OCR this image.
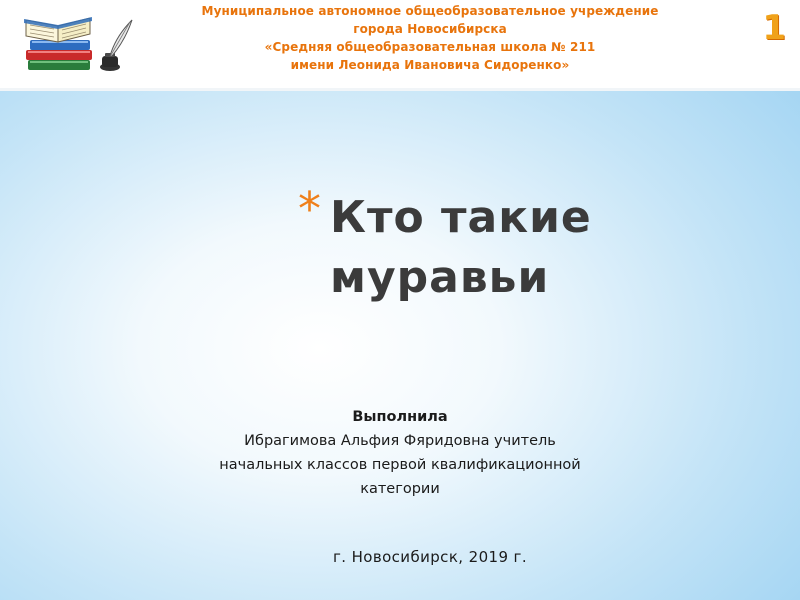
Муниципальное автономное общеобразовательное учреждение
города Новосибирска
«Средняя общеобразовательная школа № 211
имени Леонида Ивановича Сидоренко»
1
* Кто такие
муравьи
Выполнила
Ибрагимова Альфия Фяридовна учитель
начальных классов первой квалификационной
категории
г. Новосибирск, 2019 г.
